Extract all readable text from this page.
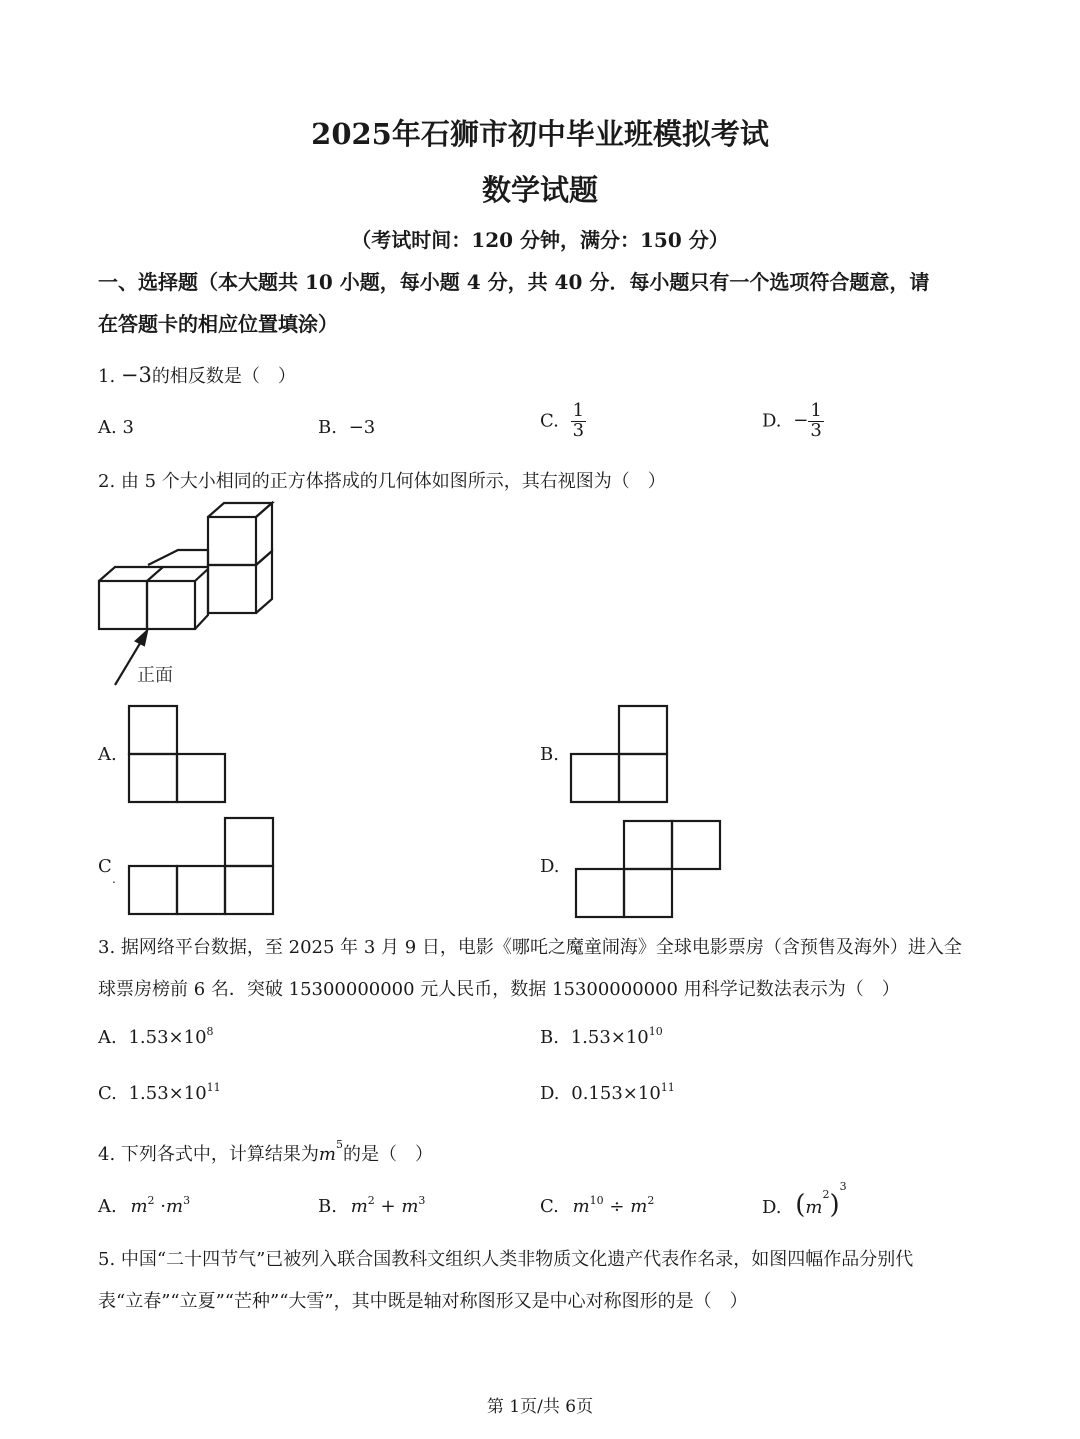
2025年石狮市初中毕业班模拟考试
数学试题
（考试时间：120 分钟，满分：150 分）
一、选择题（本大题共 10 小题，每小题 4 分，共 40 分．每小题只有一个选项符合题意，请
在答题卡的相应位置填涂）
1. −3的相反数是（　）
A. 3	B. −3	C. $\frac{1}{3}$	D. − $\frac{1}{3}$
2. 由 5 个大小相同的正方体搭成的几何体如图所示，其右视图为（　）
正面
A.	B.
C
.
D.
3. 据网络平台数据，至 2025 年 3 月 9 日，电影《哪吒之魔童闹海》全球电影票房（含预售及海外）进入全
球票房榜前 6 名．突破 15300000000 元人民币，数据 15300000000 用科学记数法表示为（　）
A. $1.53\times 10^8$	B. $1.53\times 10^{10}$
C. $1.53\times 10^{11}$	D. $0.153\times 10^{11}$
4. 下列各式中，计算结果为$m^5$的是（　）
A. $m^2 \cdot m^3$	B. $m^2 + m^3$	C. $m^{10} \div m^2$	D. $(m^2)^3$
5. 中国“二十四节气”已被列入联合国教科文组织人类非物质文化遗产代表作名录，如图四幅作品分别代
表“立春”“立夏”“芒种”“大雪”，其中既是轴对称图形又是中心对称图形的是（　）
第 1页/共 6页
